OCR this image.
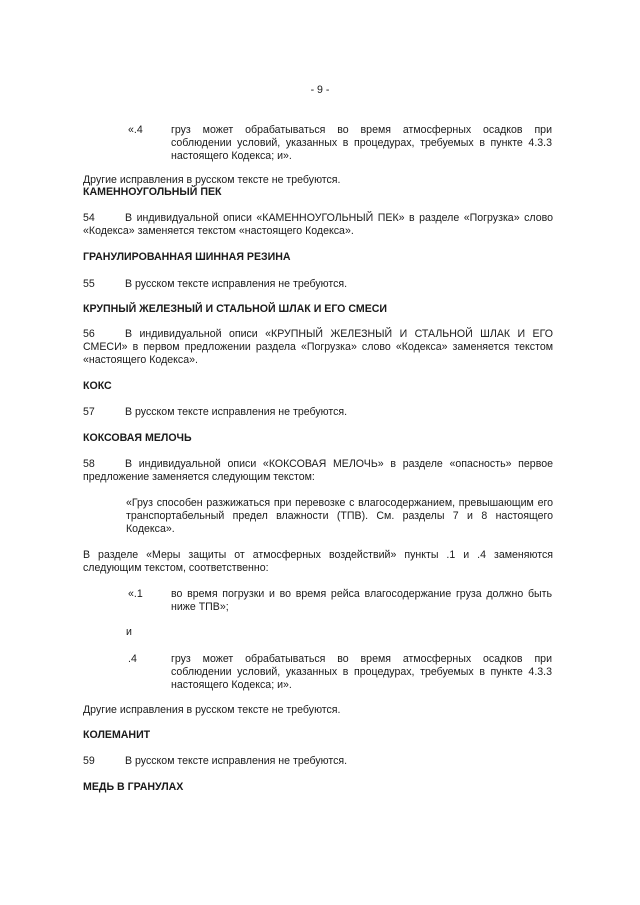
- 9 -
«.4	груз может обрабатываться во время атмосферных осадков при соблюдении условий, указанных в процедурах, требуемых в пункте 4.3.3 настоящего Кодекса; и».

Другие исправления в русском тексте не требуются.

КАМЕННОУГОЛЬНЫЙ ПЕК
54	В индивидуальной описи «КАМЕННОУГОЛЬНЫЙ ПЕК» в разделе «Погрузка» слово «Кодекса» заменяется текстом «настоящего Кодекса».

ГРАНУЛИРОВАННАЯ ШИННАЯ РЕЗИНА
55	В русском тексте исправления не требуются.

КРУПНЫЙ ЖЕЛЕЗНЫЙ И СТАЛЬНОЙ ШЛАК И ЕГО СМЕСИ
56	В индивидуальной описи «КРУПНЫЙ ЖЕЛЕЗНЫЙ И СТАЛЬНОЙ ШЛАК И ЕГО СМЕСИ» в первом предложении раздела «Погрузка» слово «Кодекса» заменяется текстом «настоящего Кодекса».

КОКС
57	В русском тексте исправления не требуются.

КОКСОВАЯ МЕЛОЧЬ
58	В индивидуальной описи «КОКСОВАЯ МЕЛОЧЬ» в разделе «опасность» первое предложение заменяется следующим текстом:

«Груз способен разжижаться при перевозке с влагосодержанием, превышающим его транспортабельный предел влажности (ТПВ). См. разделы 7 и 8 настоящего Кодекса».

В разделе «Меры защиты от атмосферных воздействий» пункты .1 и .4 заменяются следующим текстом, соответственно:

«.1	во время погрузки и во время рейса влагосодержание груза должно быть ниже ТПВ»;

и
.4	груз может обрабатываться во время атмосферных осадков при соблюдении условий, указанных в процедурах, требуемых в пункте 4.3.3 настоящего Кодекса; и».

Другие исправления в русском тексте не требуются.

КОЛЕМАНИТ
59	В русском тексте исправления не требуются.

МЕДЬ В ГРАНУЛАХ
